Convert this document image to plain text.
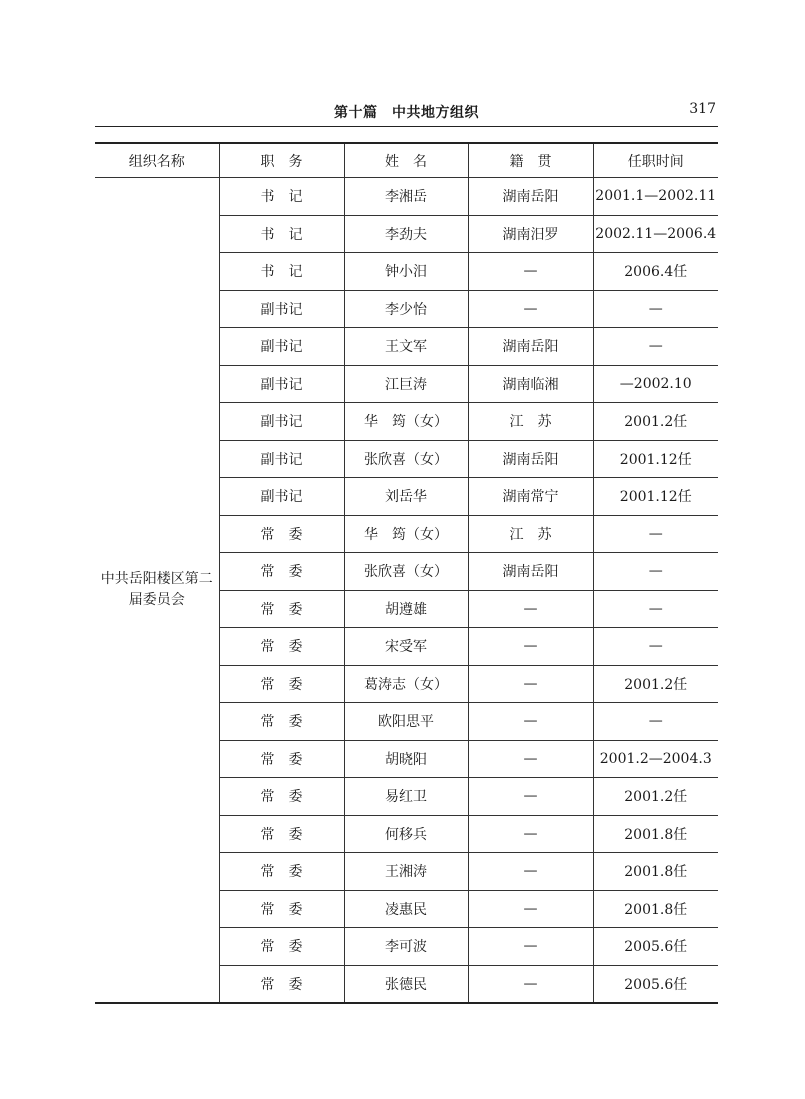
第十篇　中共地方组织	317
组织名称	职　务	姓　名	籍　贯	任职时间
中共岳阳楼区第二届委员会	书　记	李湘岳	湖南岳阳	2001.1—2002.11
	书　记	李劲夫	湖南汨罗	2002.11—2006.4
	书　记	钟小汨	—	2006.4任
	副书记	李少怡	—	—
	副书记	王文军	湖南岳阳	—
	副书记	江巨涛	湖南临湘	—2002.10
	副书记	华　筠（女）	江　苏	2001.2任
	副书记	张欣喜（女）	湖南岳阳	2001.12任
	副书记	刘岳华	湖南常宁	2001.12任
	常　委	华　筠（女）	江　苏	—
	常　委	张欣喜（女）	湖南岳阳	—
	常　委	胡遵雄	—	—
	常　委	宋受军	—	—
	常　委	葛涛志（女）	—	2001.2任
	常　委	欧阳思平	—	—
	常　委	胡晓阳	—	2001.2—2004.3
	常　委	易红卫	—	2001.2任
	常　委	何移兵	—	2001.8任
	常　委	王湘涛	—	2001.8任
	常　委	凌惠民	—	2001.8任
	常　委	李可波	—	2005.6任
	常　委	张德民	—	2005.6任
